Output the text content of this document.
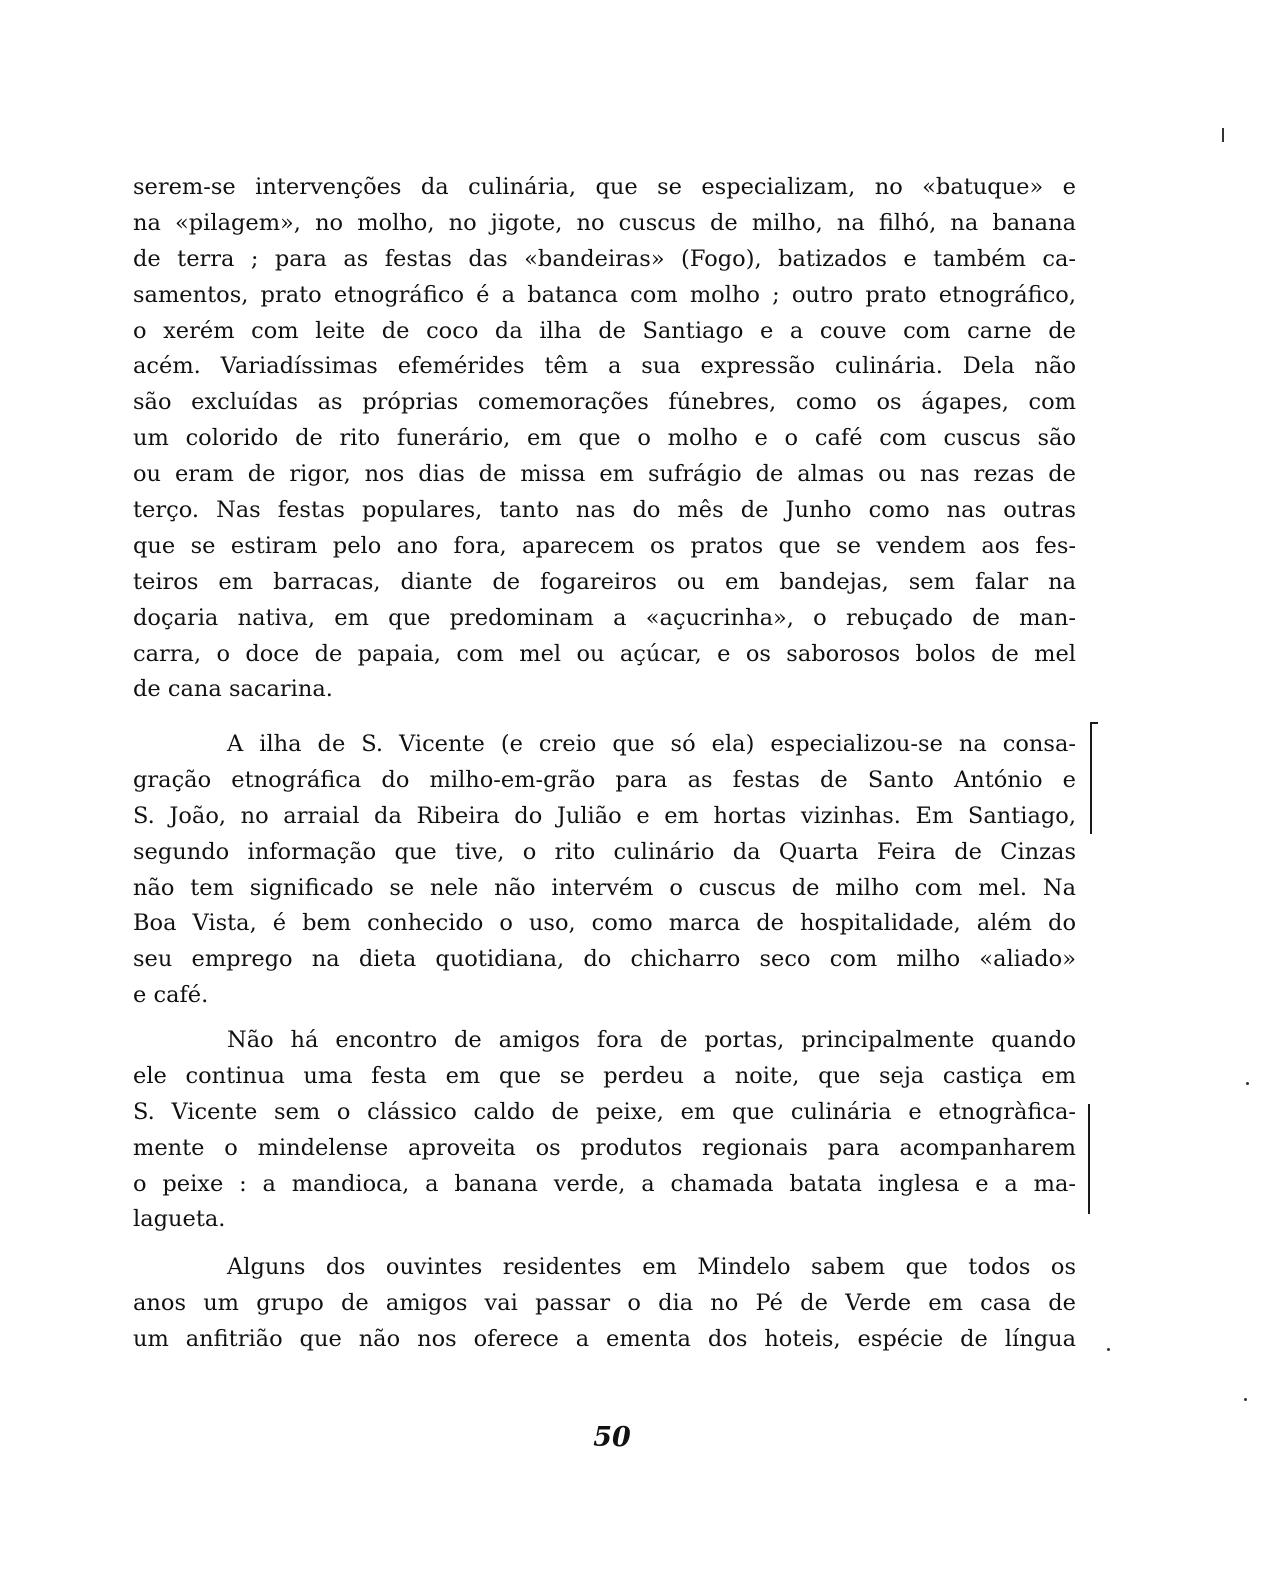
serem-se intervenções da culinária, que se especializam, no «batuque» e
na «pilagem», no molho, no jigote, no cuscus de milho, na filhó, na banana
de terra ; para as festas das «bandeiras» (Fogo), batizados e também ca-
samentos, prato etnográfico é a batanca com molho ; outro prato etnográfico,
o xerém com leite de coco da ilha de Santiago e a couve com carne de
acém. Variadíssimas efemérides têm a sua expressão culinária. Dela não
são excluídas as próprias comemorações fúnebres, como os ágapes, com
um colorido de rito funerário, em que o molho e o café com cuscus são
ou eram de rigor, nos dias de missa em sufrágio de almas ou nas rezas de
terço. Nas festas populares, tanto nas do mês de Junho como nas outras
que se estiram pelo ano fora, aparecem os pratos que se vendem aos fes-
teiros em barracas, diante de fogareiros ou em bandejas, sem falar na
doçaria nativa, em que predominam a «açucrinha», o rebuçado de man-
carra, o doce de papaia, com mel ou açúcar, e os saborosos bolos de mel
de cana sacarina.
A ilha de S. Vicente (e creio que só ela) especializou-se na consa-
gração etnográfica do milho-em-grão para as festas de Santo António e
S. João, no arraial da Ribeira do Julião e em hortas vizinhas. Em Santiago,
segundo informação que tive, o rito culinário da Quarta Feira de Cinzas
não tem significado se nele não intervém o cuscus de milho com mel. Na
Boa Vista, é bem conhecido o uso, como marca de hospitalidade, além do
seu emprego na dieta quotidiana, do chicharro seco com milho «aliado»
e café.
Não há encontro de amigos fora de portas, principalmente quando
ele continua uma festa em que se perdeu a noite, que seja castiça em
S. Vicente sem o clássico caldo de peixe, em que culinária e etnogràfica-
mente o mindelense aproveita os produtos regionais para acompanharem
o peixe : a mandioca, a banana verde, a chamada batata inglesa e a ma-
lagueta.
Alguns dos ouvintes residentes em Mindelo sabem que todos os
anos um grupo de amigos vai passar o dia no Pé de Verde em casa de
um anfitrião que não nos oferece a ementa dos hoteis, espécie de língua
50
